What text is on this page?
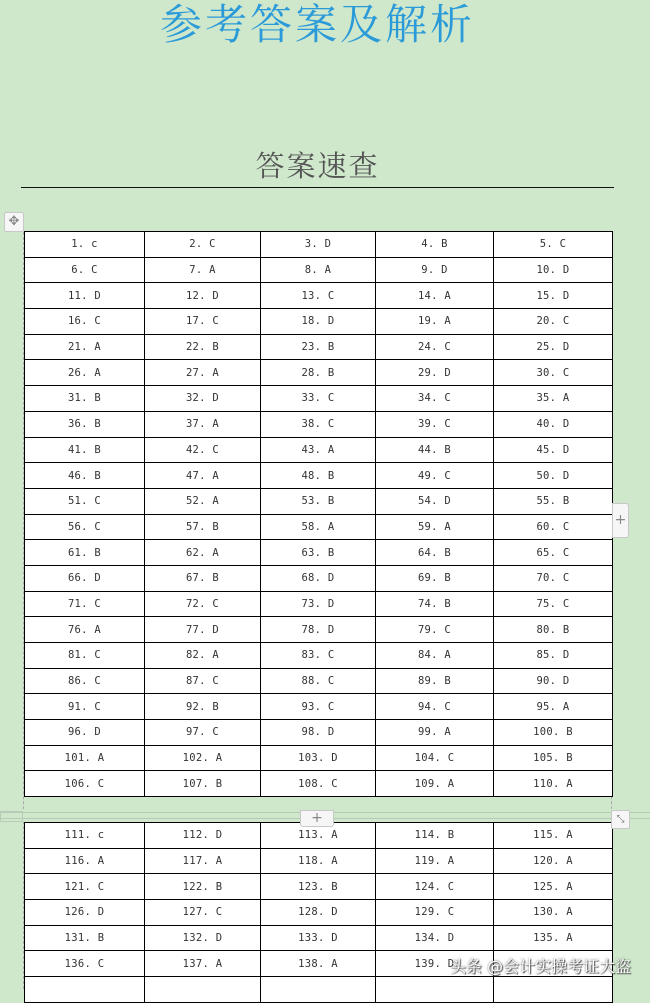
参考答案及解析
答案速查
✥
1. c	2. C	3. D	4. B	5. C
6. C	7. A	8. A	9. D	10. D
11. D	12. D	13. C	14. A	15. D
16. C	17. C	18. D	19. A	20. C
21. A	22. B	23. B	24. C	25. D
26. A	27. A	28. B	29. D	30. C
31. B	32. D	33. C	34. C	35. A
36. B	37. A	38. C	39. C	40. D
41. B	42. C	43. A	44. B	45. D
46. B	47. A	48. B	49. C	50. D
51. C	52. A	53. B	54. D	55. B
56. C	57. B	58. A	59. A	60. C
61. B	62. A	63. B	64. B	65. C
66. D	67. B	68. D	69. B	70. C
71. C	72. C	73. D	74. B	75. C
76. A	77. D	78. D	79. C	80. B
81. C	82. A	83. C	84. A	85. D
86. C	87. C	88. C	89. B	90. D
91. C	92. B	93. C	94. C	95. A
96. D	97. C	98. D	99. A	100. B
101. A	102. A	103. D	104. C	105. B
106. C	107. B	108. C	109. A	110. A
111. c	112. D	113. A	114. B	115. A
116. A	117. A	118. A	119. A	120. A
121. C	122. B	123. B	124. C	125. A
126. D	127. C	128. D	129. C	130. A
131. B	132. D	133. D	134. D	135. A
136. C	137. A	138. A	139. D	

+
+	⤡
头条 @会计实操考证大盗
